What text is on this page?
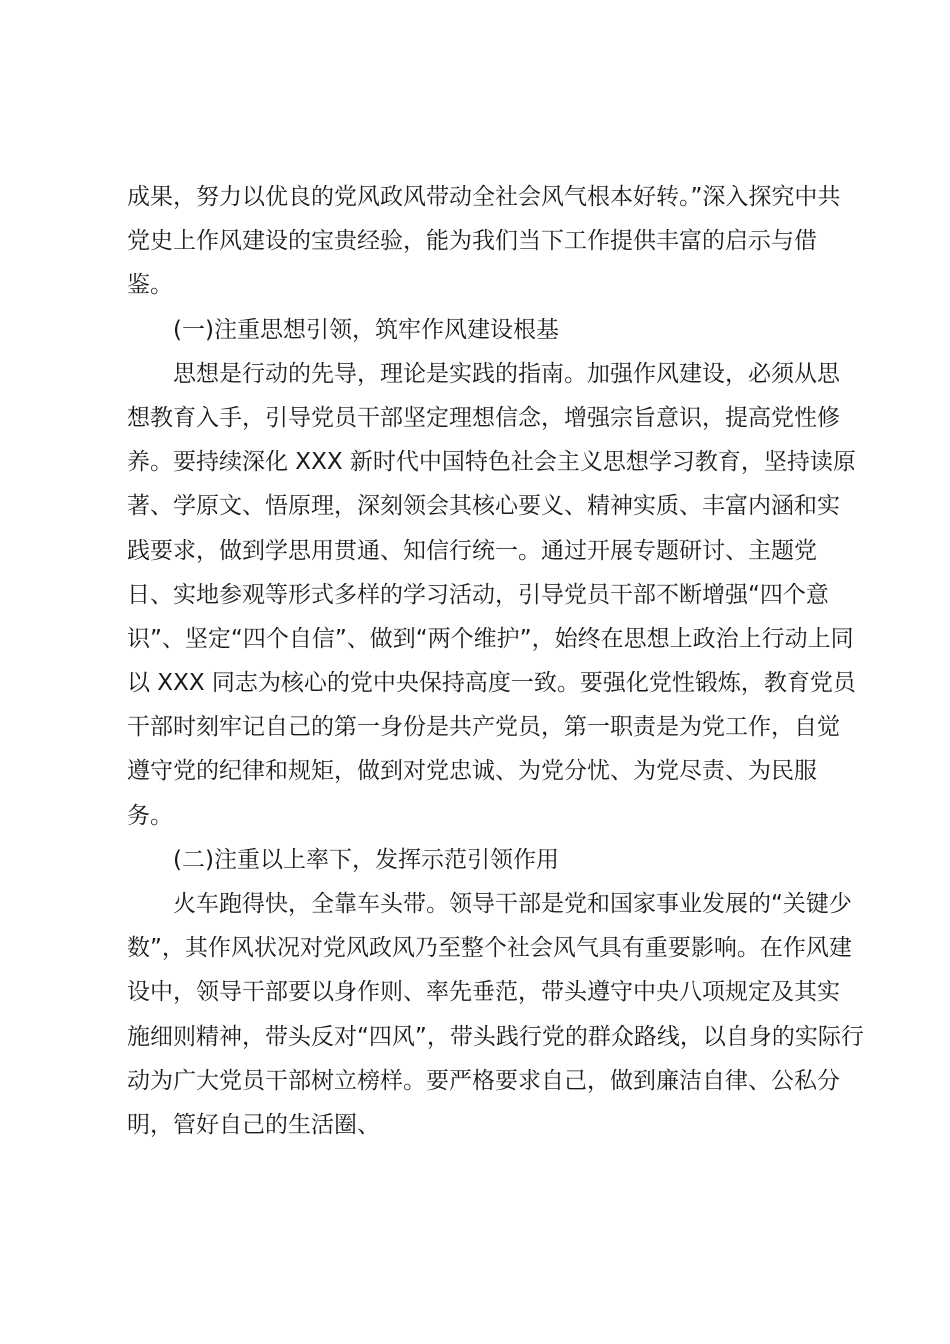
成果，努力以优良的党风政风带动全社会风气根本好转。”深入探究中共
党史上作风建设的宝贵经验，能为我们当下工作提供丰富的启示与借
鉴。
(一)注重思想引领，筑牢作风建设根基
思想是行动的先导，理论是实践的指南。加强作风建设，必须从思
想教育入手，引导党员干部坚定理想信念，增强宗旨意识，提高党性修
养。要持续深化 XXX 新时代中国特色社会主义思想学习教育，坚持读原
著、学原文、悟原理，深刻领会其核心要义、精神实质、丰富内涵和实
践要求，做到学思用贯通、知信行统一。通过开展专题研讨、主题党
日、实地参观等形式多样的学习活动，引导党员干部不断增强“四个意
识”、坚定“四个自信”、做到“两个维护”，始终在思想上政治上行动上同
以 XXX 同志为核心的党中央保持高度一致。要强化党性锻炼，教育党员
干部时刻牢记自己的第一身份是共产党员，第一职责是为党工作，自觉
遵守党的纪律和规矩，做到对党忠诚、为党分忧、为党尽责、为民服
务。
(二)注重以上率下，发挥示范引领作用
火车跑得快，全靠车头带。领导干部是党和国家事业发展的“关键少
数”，其作风状况对党风政风乃至整个社会风气具有重要影响。在作风建
设中，领导干部要以身作则、率先垂范，带头遵守中央八项规定及其实
施细则精神，带头反对“四风”，带头践行党的群众路线，以自身的实际行
动为广大党员干部树立榜样。要严格要求自己，做到廉洁自律、公私分
明，管好自己的生活圈、
